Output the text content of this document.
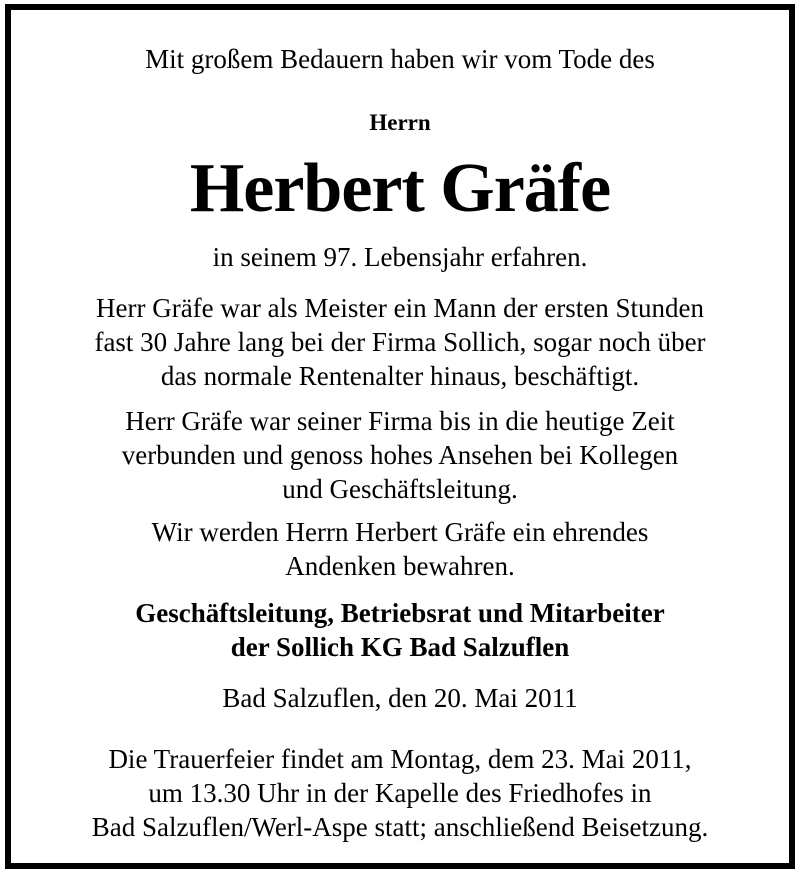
Mit großem Bedauern haben wir vom Tode des
Herrn
Herbert Gräfe
in seinem 97. Lebensjahr erfahren.
Herr Gräfe war als Meister ein Mann der ersten Stunden
fast 30 Jahre lang bei der Firma Sollich, sogar noch über
das normale Rentenalter hinaus, beschäftigt.
Herr Gräfe war seiner Firma bis in die heutige Zeit
verbunden und genoss hohes Ansehen bei Kollegen
und Geschäftsleitung.
Wir werden Herrn Herbert Gräfe ein ehrendes
Andenken bewahren.
Geschäftsleitung, Betriebsrat und Mitarbeiter
der Sollich KG Bad Salzuflen
Bad Salzuflen, den 20. Mai 2011
Die Trauerfeier findet am Montag, dem 23. Mai 2011,
um 13.30 Uhr in der Kapelle des Friedhofes in
Bad Salzuflen/Werl-Aspe statt; anschließend Beisetzung.
